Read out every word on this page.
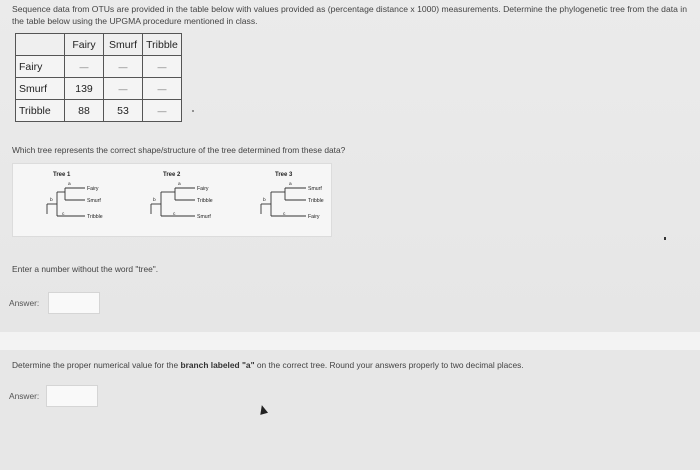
Sequence data from OTUs are provided in the table below with values provided as (percentage distance x 1000) measurements. Determine the phylogenetic tree from the data in the table below using the UPGMA procedure mentioned in class.
	Fairy	Smurf	Tribble
Fairy	—	—	—
Smurf	139	—	—
Tribble	88	53	—
Which tree represents the correct shape/structure of the tree determined from these data?
Tree 1
a
b
c
Fairy
Smurf
Tribble
Tree 2
a
b
c
Fairy
Tribble
Smurf
Tree 3
a
b
c
Smurf
Tribble
Fairy
Enter a number without the word "tree".
Answer:
Determine the proper numerical value for the branch labeled "a" on the correct tree. Round your answers properly to two decimal places.
Answer:
